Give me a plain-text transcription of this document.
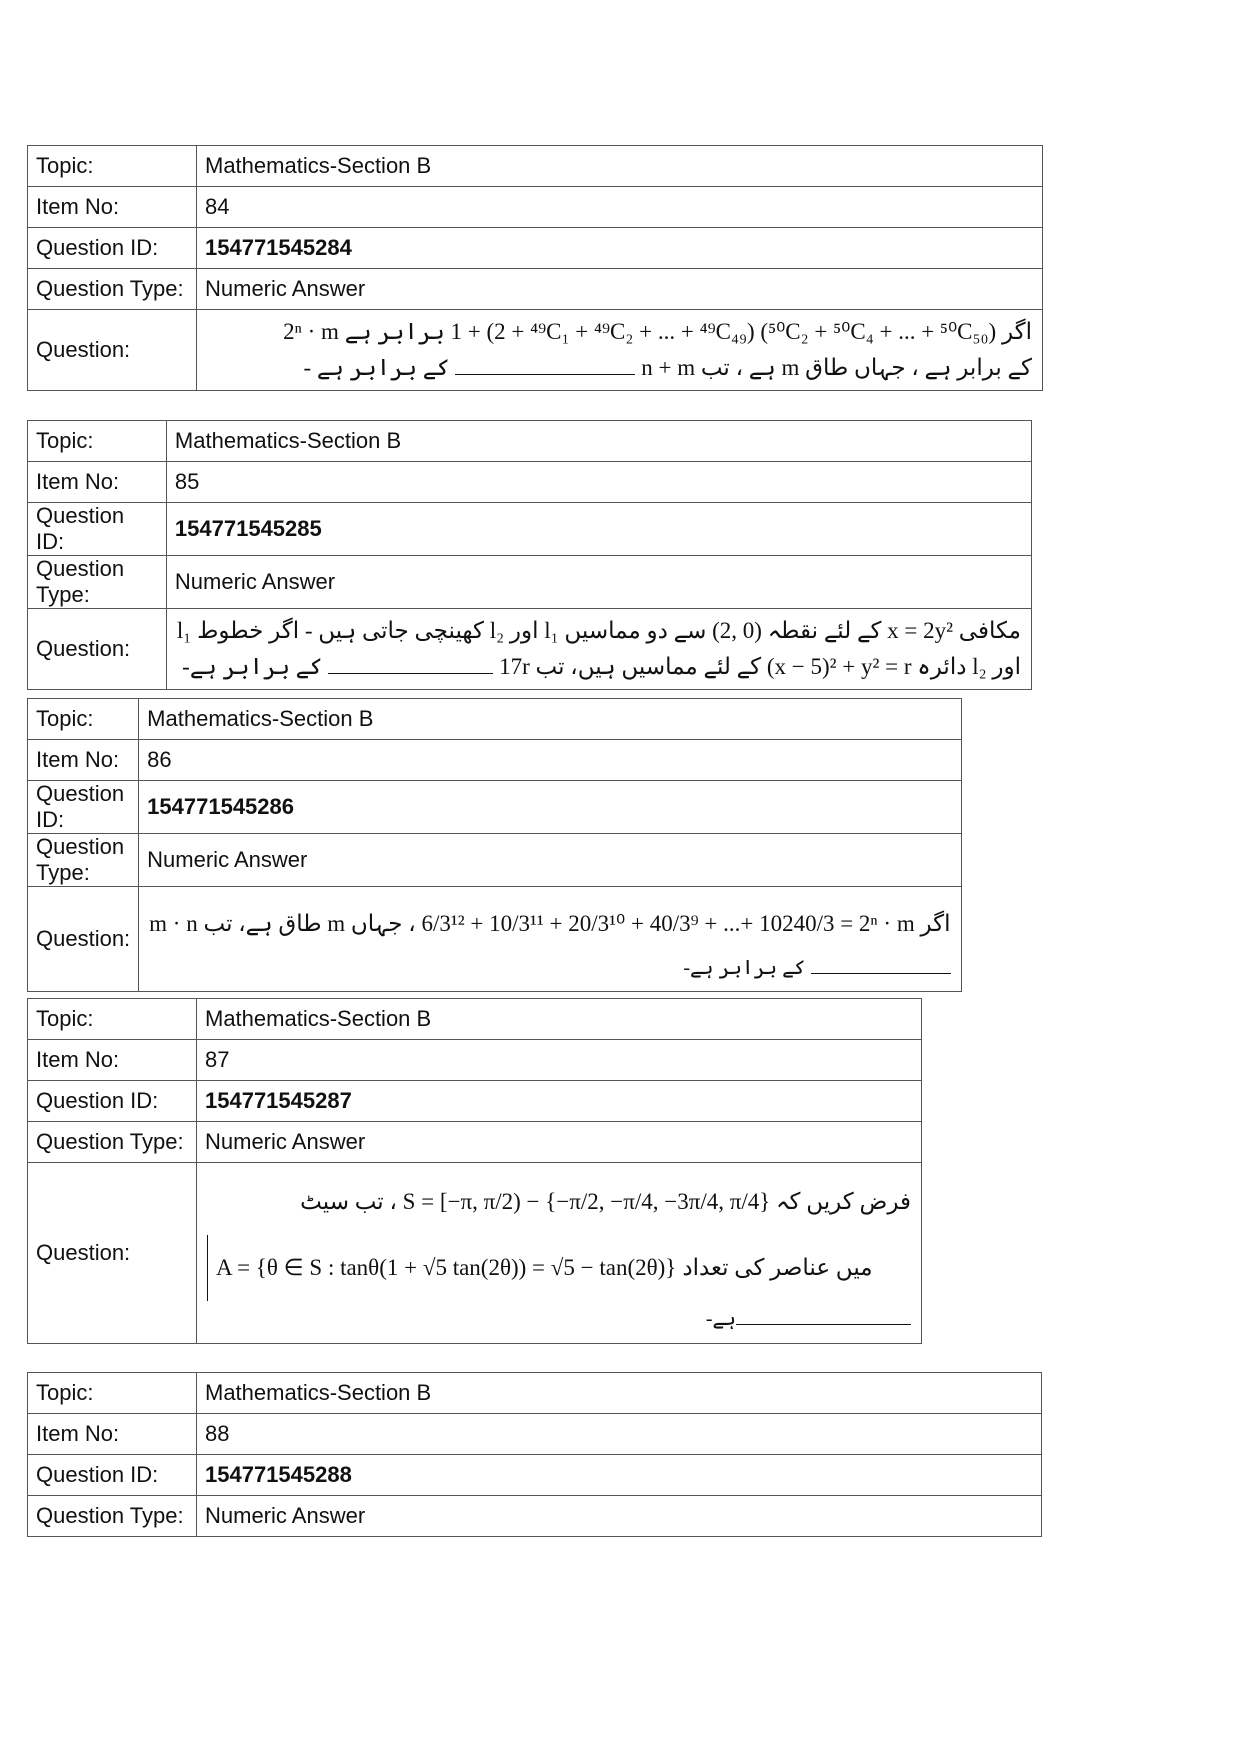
Topic:	Mathematics-Section B
Item No:	84
Question ID:	154771545284
Question Type:	Numeric Answer
Question:	اگر 1 + (2 + ⁴⁹C₁ + ⁴⁹C₂ + ... + ⁴⁹C₄₉) (⁵⁰C₂ + ⁵⁰C₄ + ... + ⁵⁰C₅₀) برابر ہے 2ⁿ · m
کے برابر ہے ، جہاں طاق m ہے ، تب n + m  کے برابر ہے -
Topic:	Mathematics-Section B
Item No:	85
Question ID:	154771545285
Question Type:	Numeric Answer
Question:	مکافی x = 2y² کے لئے نقطہ (2, 0) سے دو مماسیں l₁ اور l₂ کھینچی جاتی ہیں - اگر خطوط l₁
اور l₂ دائرہ (x − 5)² + y² = r کے لئے مماسیں ہیں، تب 17r  کے برابر ہے-
Topic:	Mathematics-Section B
Item No:	86
Question ID:	154771545286
Question Type:	Numeric Answer
Question:	اگر 6/3¹² + 10/3¹¹ + 20/3¹⁰ + 40/3⁹ + ...+ 10240/3 = 2ⁿ · m ، جہاں m طاق ہے، تب m · n
کے برابر ہے-
Topic:	Mathematics-Section B
Item No:	87
Question ID:	154771545287
Question Type:	Numeric Answer
Question:	فرض کریں کہ S = [−π, π/2) − {−π/2, −π/4, −3π/4, π/4} ، تب سیٹ
میں عناصر کی تعدادA = {θ ∈ S : tanθ(1 + √5 tan(2θ)) = √5 − tan(2θ)}
ہے-
Topic:	Mathematics-Section B
Item No:	88
Question ID:	154771545288
Question Type:	Numeric Answer
